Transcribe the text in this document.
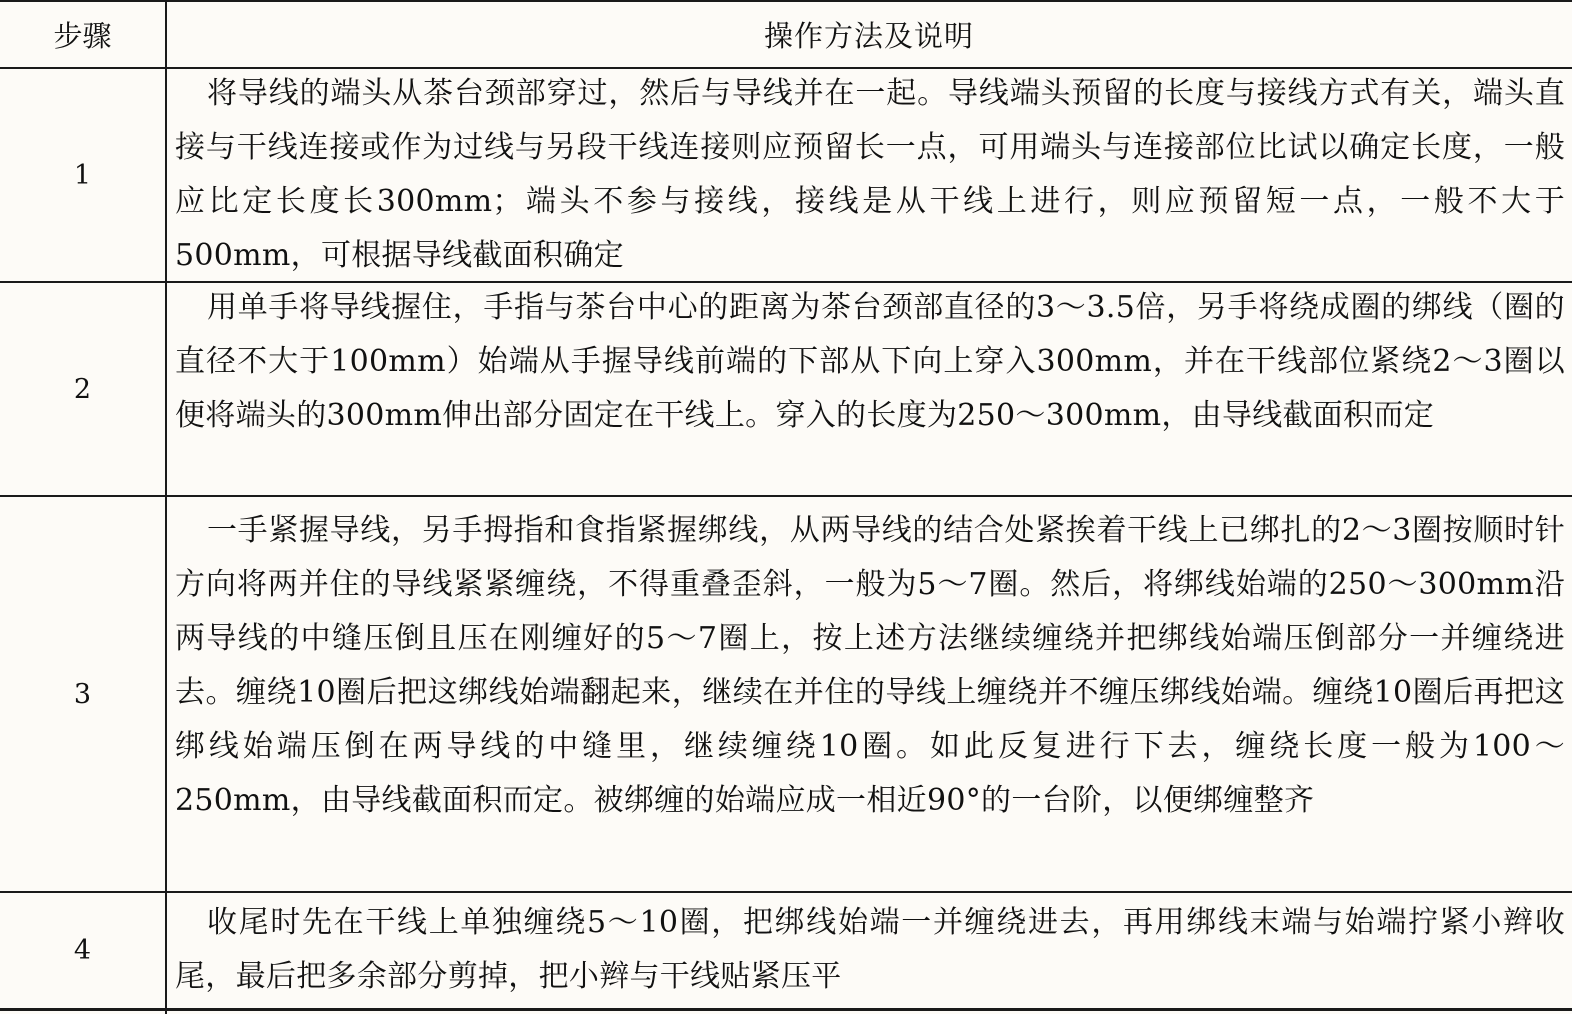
步骤	操作方法及说明
1
将导线的端头从茶台颈部穿过，然后与导线并在一起。导线端头预留的长度与接线方式有关，端头直接与干线连接或作为过线与另段干线连接则应预留长一点，可用端头与连接部位比试以确定长度，一般应比定长度长300mm；端头不参与接线，接线是从干线上进行，则应预留短一点，一般不大于500mm，可根据导线截面积确定
2
用单手将导线握住，手指与茶台中心的距离为茶台颈部直径的3～3.5倍，另手将绕成圈的绑线（圈的直径不大于100mm）始端从手握导线前端的下部从下向上穿入300mm，并在干线部位紧绕2～3圈以便将端头的300mm伸出部分固定在干线上。穿入的长度为250～300mm，由导线截面积而定
3
一手紧握导线，另手拇指和食指紧握绑线，从两导线的结合处紧挨着干线上已绑扎的2～3圈按顺时针方向将两并住的导线紧紧缠绕，不得重叠歪斜，一般为5～7圈。然后，将绑线始端的250～300mm沿两导线的中缝压倒且压在刚缠好的5～7圈上，按上述方法继续缠绕并把绑线始端压倒部分一并缠绕进去。缠绕10圈后把这绑线始端翻起来，继续在并住的导线上缠绕并不缠压绑线始端。缠绕10圈后再把这绑线始端压倒在两导线的中缝里，继续缠绕10圈。如此反复进行下去，缠绕长度一般为100～250mm，由导线截面积而定。被绑缠的始端应成一相近90°的一台阶，以便绑缠整齐
4
收尾时先在干线上单独缠绕5～10圈，把绑线始端一并缠绕进去，再用绑线末端与始端拧紧小辫收尾，最后把多余部分剪掉，把小辫与干线贴紧压平
